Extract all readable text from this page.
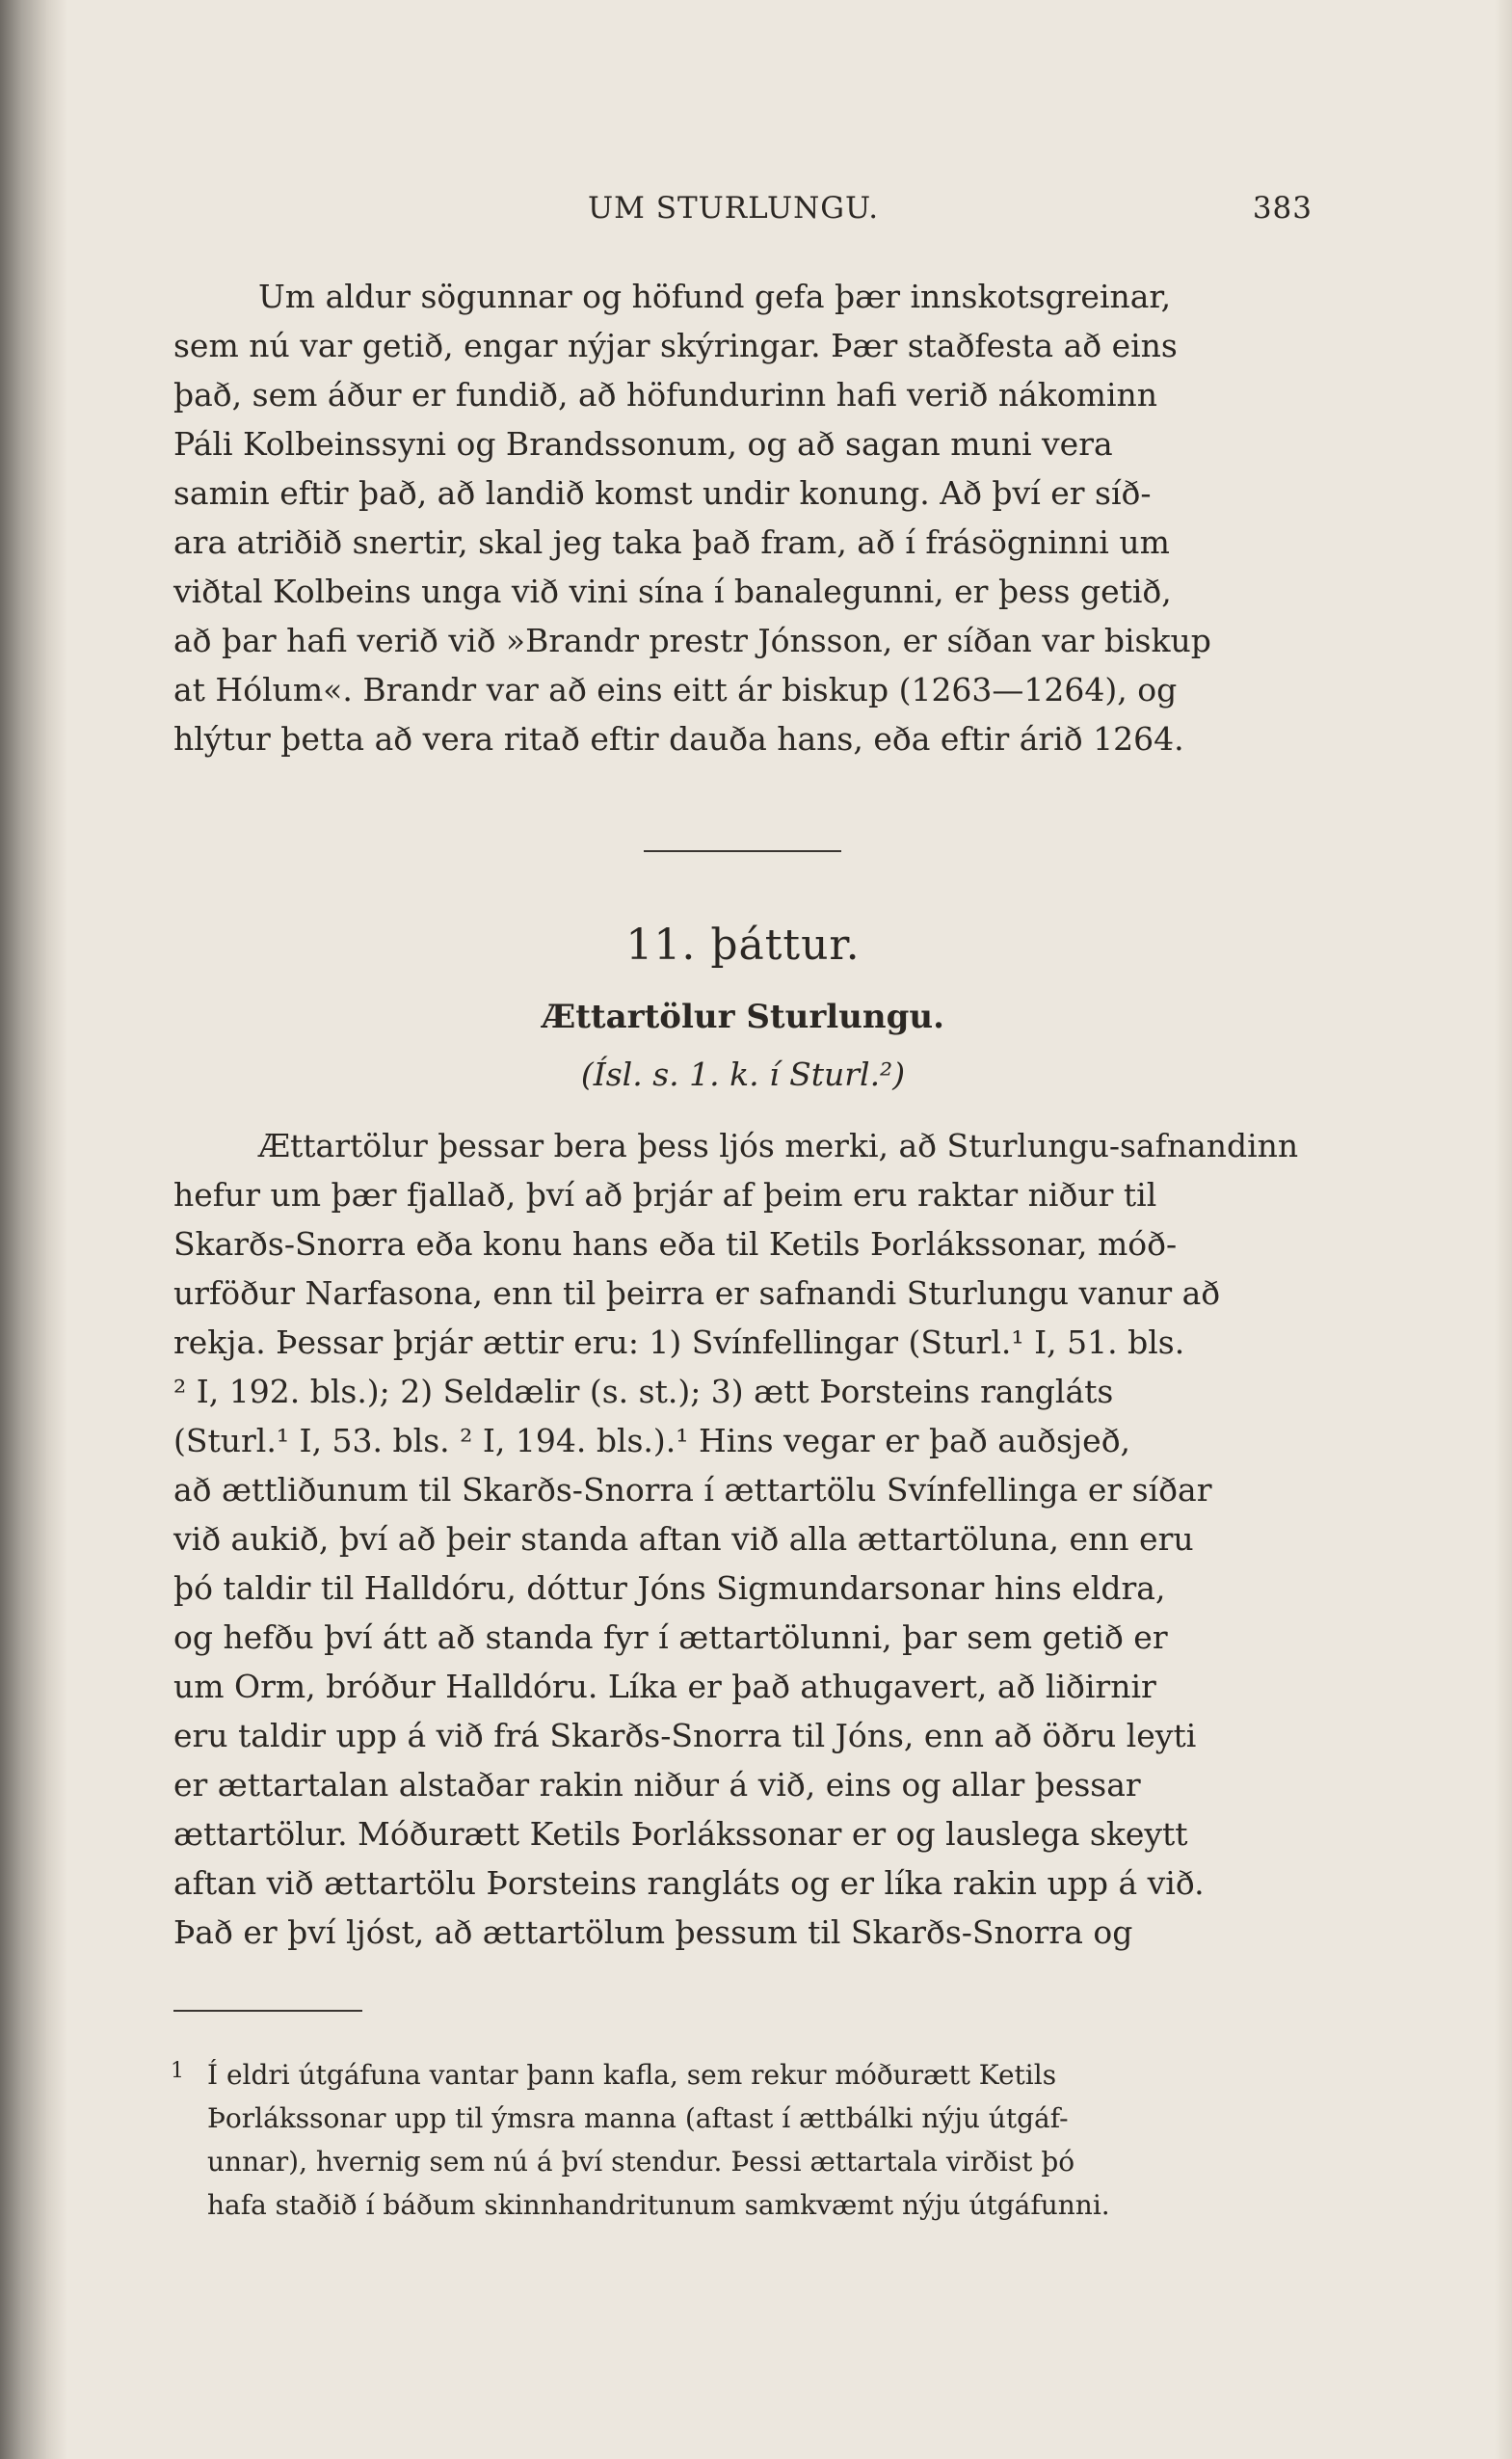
UM STURLUNGU.	383
Um aldur sögunnar og höfund gefa þær innskotsgreinar,
sem nú var getið, engar nýjar skýringar. Þær staðfesta að eins
það, sem áður er fundið, að höfundurinn hafi verið nákominn
Páli Kolbeinssyni og Brandssonum, og að sagan muni vera
samin eftir það, að landið komst undir konung. Að því er síð-
ara atriðið snertir, skal jeg taka það fram, að í frásögninni um
viðtal Kolbeins unga við vini sína í banalegunni, er þess getið,
að þar hafi verið við »Brandr prestr Jónsson, er síðan var biskup
at Hólum«. Brandr var að eins eitt ár biskup (1263—1264), og
hlýtur þetta að vera ritað eftir dauða hans, eða eftir árið 1264.
11. þáttur.
Ættartölur Sturlungu.
(Ísl. s. 1. k. í Sturl.²)
Ættartölur þessar bera þess ljós merki, að Sturlungu-safnandinn
hefur um þær fjallað, því að þrjár af þeim eru raktar niður til
Skarðs-Snorra eða konu hans eða til Ketils Þorlákssonar, móð-
urföður Narfasona, enn til þeirra er safnandi Sturlungu vanur að
rekja. Þessar þrjár ættir eru: 1) Svínfellingar (Sturl.¹ I, 51. bls.
² I, 192. bls.); 2) Seldælir (s. st.); 3) ætt Þorsteins rangláts
(Sturl.¹ I, 53. bls. ² I, 194. bls.).¹ Hins vegar er það auðsjeð,
að ættliðunum til Skarðs-Snorra í ættartölu Svínfellinga er síðar
við aukið, því að þeir standa aftan við alla ættartöluna, enn eru
þó taldir til Halldóru, dóttur Jóns Sigmundarsonar hins eldra,
og hefðu því átt að standa fyr í ættartölunni, þar sem getið er
um Orm, bróður Halldóru. Líka er það athugavert, að liðirnir
eru taldir upp á við frá Skarðs-Snorra til Jóns, enn að öðru leyti
er ættartalan alstaðar rakin niður á við, eins og allar þessar
ættartölur. Móðurætt Ketils Þorlákssonar er og lauslega skeytt
aftan við ættartölu Þorsteins rangláts og er líka rakin upp á við.
Það er því ljóst, að ættartölum þessum til Skarðs-Snorra og
1 Í eldri útgáfuna vantar þann kafla, sem rekur móðurætt Ketils
Þorlákssonar upp til ýmsra manna (aftast í ættbálki nýju útgáf-
unnar), hvernig sem nú á því stendur. Þessi ættartala virðist þó
hafa staðið í báðum skinnhandritunum samkvæmt nýju útgáfunni.
